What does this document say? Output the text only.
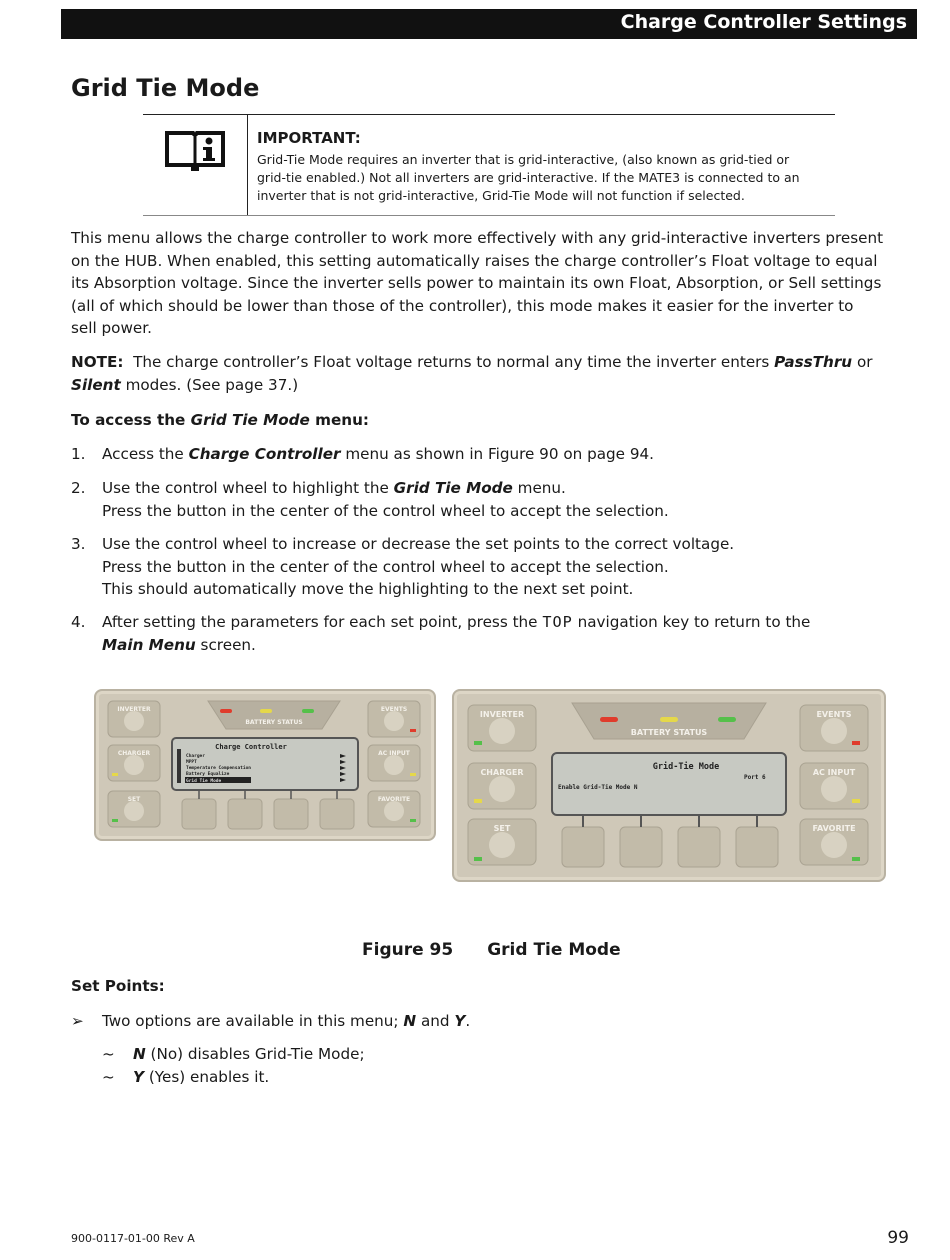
Charge Controller Settings
Grid Tie Mode
IMPORTANT:
Grid-Tie Mode requires an inverter that is grid-interactive, (also known as grid-tied or
grid-tie enabled.) Not all inverters are grid-interactive. If the MATE3 is connected to an
inverter that is not grid-interactive, Grid-Tie Mode will not function if selected.
This menu allows the charge controller to work more effectively with any grid-interactive inverters present
on the HUB. When enabled, this setting automatically raises the charge controller’s Float voltage to equal
its Absorption voltage. Since the inverter sells power to maintain its own Float, Absorption, or Sell settings
(all of which should be lower than those of the controller), this mode makes it easier for the inverter to
sell power.
NOTE: The charge controller’s Float voltage returns to normal any time the inverter enters PassThru or
Silent modes. (See page 37.)
To access the Grid Tie Mode menu:
1. Access the Charge Controller menu as shown in Figure 90 on page 94.
2. Use the control wheel to highlight the Grid Tie Mode menu.
Press the button in the center of the control wheel to accept the selection.
3. Use the control wheel to increase or decrease the set points to the correct voltage.
Press the button in the center of the control wheel to accept the selection.
This should automatically move the highlighting to the next set point.
4. After setting the parameters for each set point, press the TOP navigation key to return to the
Main Menu screen.
BATTERY STATUS
INVERTER
CHARGER
SET
EVENTS
AC INPUT
FAVORITE
Charge Controller
Charger
MPPT
Temperature Compensation
Battery Equalize
Grid Tie Mode
BATTERY STATUS
INVERTER
CHARGER
SET
EVENTS
AC INPUT
FAVORITE
Grid-Tie Mode
Port 6
Enable Grid-Tie Mode N
Figure 95 Grid Tie Mode
Set Points:
➢ Two options are available in this menu; N and Y.
~ N (No) disables Grid-Tie Mode;
~ Y (Yes) enables it.
900-0117-01-00 Rev A	99
